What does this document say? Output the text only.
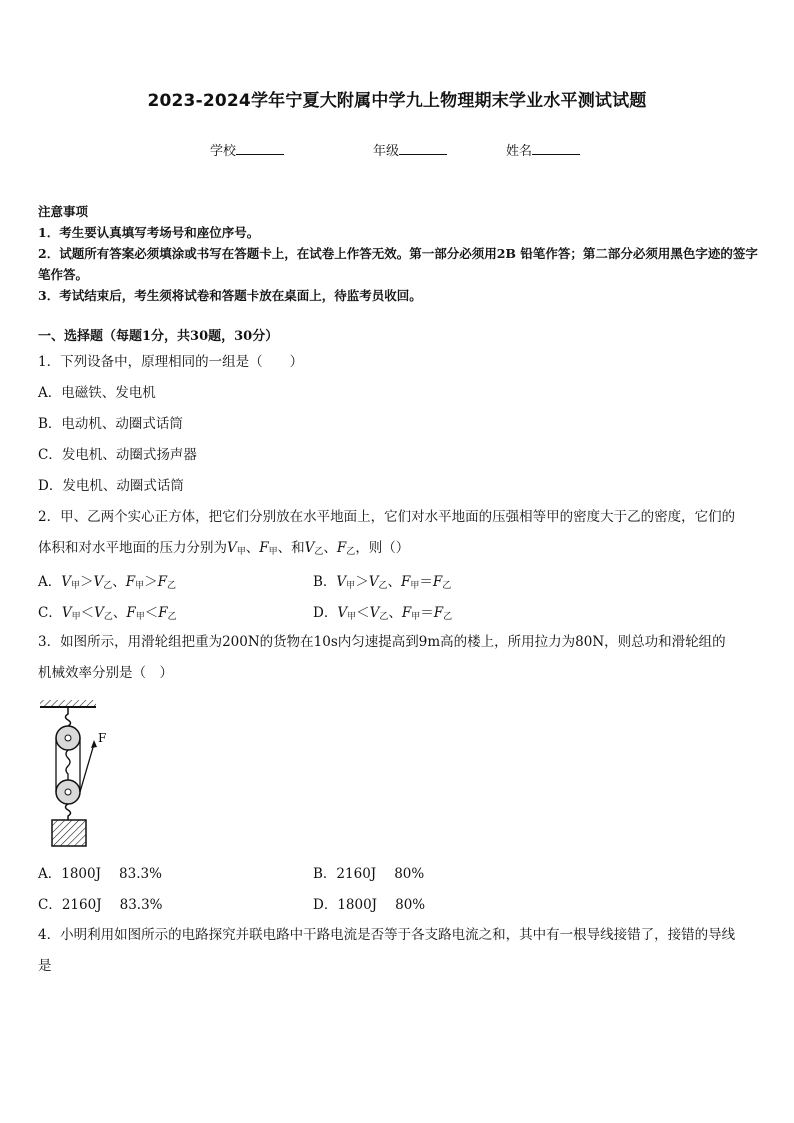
2023-2024学年宁夏大附属中学九上物理期末学业水平测试试题
学校	年级	姓名

注意事项

1．考生要认真填写考场号和座位序号。

2．试题所有答案必须填涂或书写在答题卡上，在试卷上作答无效。第一部分必须用2B 铅笔作答；第二部分必须用黑色字迹的签字笔作答。

3．考试结束后，考生须将试卷和答题卡放在桌面上，待监考员收回。

一、选择题（每题1分，共30题，30分）

1．下列设备中，原理相同的一组是（　　）

A．电磁铁、发电机

B．电动机、动圈式话筒

C．发电机、动圈式扬声器

D．发电机、动圈式话筒

2．甲、乙两个实心正方体，把它们分别放在水平地面上，它们对水平地面的压强相等甲的密度大于乙的密度，它们的

体积和对水平地面的压力分别为$V_甲$、$F_甲$、和$V_乙$、$F_乙$，则（）

A．$V_甲>V_乙$、$F_甲>F_乙$	B．$V_甲>V_乙$、$F_甲=F_乙$
C．$V_甲<V_乙$、$F_甲<F_乙$	D．$V_甲<V_乙$、$F_甲=F_乙$

3．如图所示，用滑轮组把重为200N的货物在10s内匀速提高到9m高的楼上，所用拉力为80N，则总功和滑轮组的

机械效率分别是（　）

F
A．1800J 83.3%	B．2160J 80%
C．2160J 83.3%	D．1800J 80%

4．小明利用如图所示的电路探究并联电路中干路电流是否等于各支路电流之和，其中有一根导线接错了，接错的导线

是
